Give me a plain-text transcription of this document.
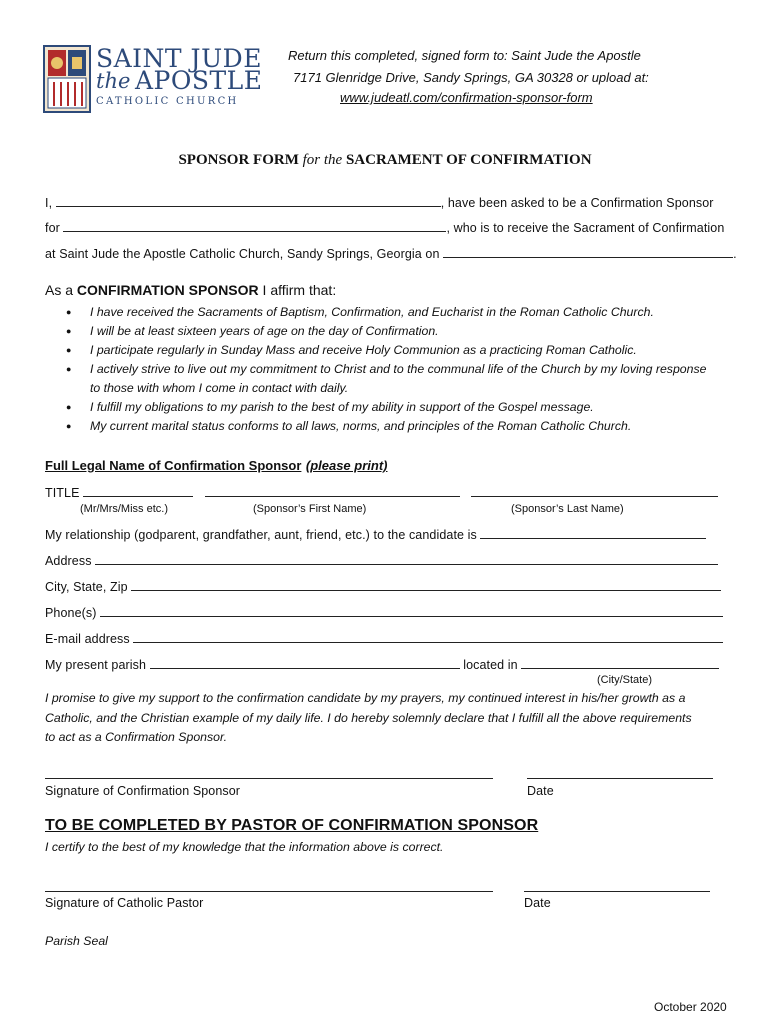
SAINT JUDE
the APOSTLE
CATHOLIC CHURCH
Return this completed, signed form to: Saint Jude the Apostle
7171 Glenridge Drive, Sandy Springs, GA 30328 or upload at:
www.judeatl.com/confirmation-sponsor-form
SPONSOR FORM for the SACRAMENT OF CONFIRMATION
I,	, have been asked to be a Confirmation Sponsor
for	, who is to receive the Sacrament of Confirmation
at Saint Jude the Apostle Catholic Church, Sandy Springs, Georgia on	.
As a CONFIRMATION SPONSOR I affirm that:
● I have received the Sacraments of Baptism, Confirmation, and Eucharist in the Roman Catholic Church.
● I will be at least sixteen years of age on the day of Confirmation.
● I participate regularly in Sunday Mass and receive Holy Communion as a practicing Roman Catholic.
● I actively strive to live out my commitment to Christ and to the communal life of the Church by my loving response
to those with whom I come in contact with daily.
● I fulfill my obligations to my parish to the best of my ability in support of the Gospel message.
● My current marital status conforms to all laws, norms, and principles of the Roman Catholic Church.
Full Legal Name of Confirmation Sponsor (please print)
TITLE
(Mr/Mrs/Miss etc.)	(Sponsor’s First Name)	(Sponsor’s Last Name)
My relationship (godparent, grandfather, aunt, friend, etc.) to the candidate is
Address
City, State, Zip
Phone(s)
E-mail address
My present parish	located in
(City/State)
I promise to give my support to the confirmation candidate by my prayers, my continued interest in his/her growth as a
Catholic, and the Christian example of my daily life. I do hereby solemnly declare that I fulfill all the above requirements
to act as a Confirmation Sponsor.
Signature of Confirmation Sponsor	Date
TO BE COMPLETED BY PASTOR OF CONFIRMATION SPONSOR
I certify to the best of my knowledge that the information above is correct.
Signature of Catholic Pastor	Date
Parish Seal
October 2020
